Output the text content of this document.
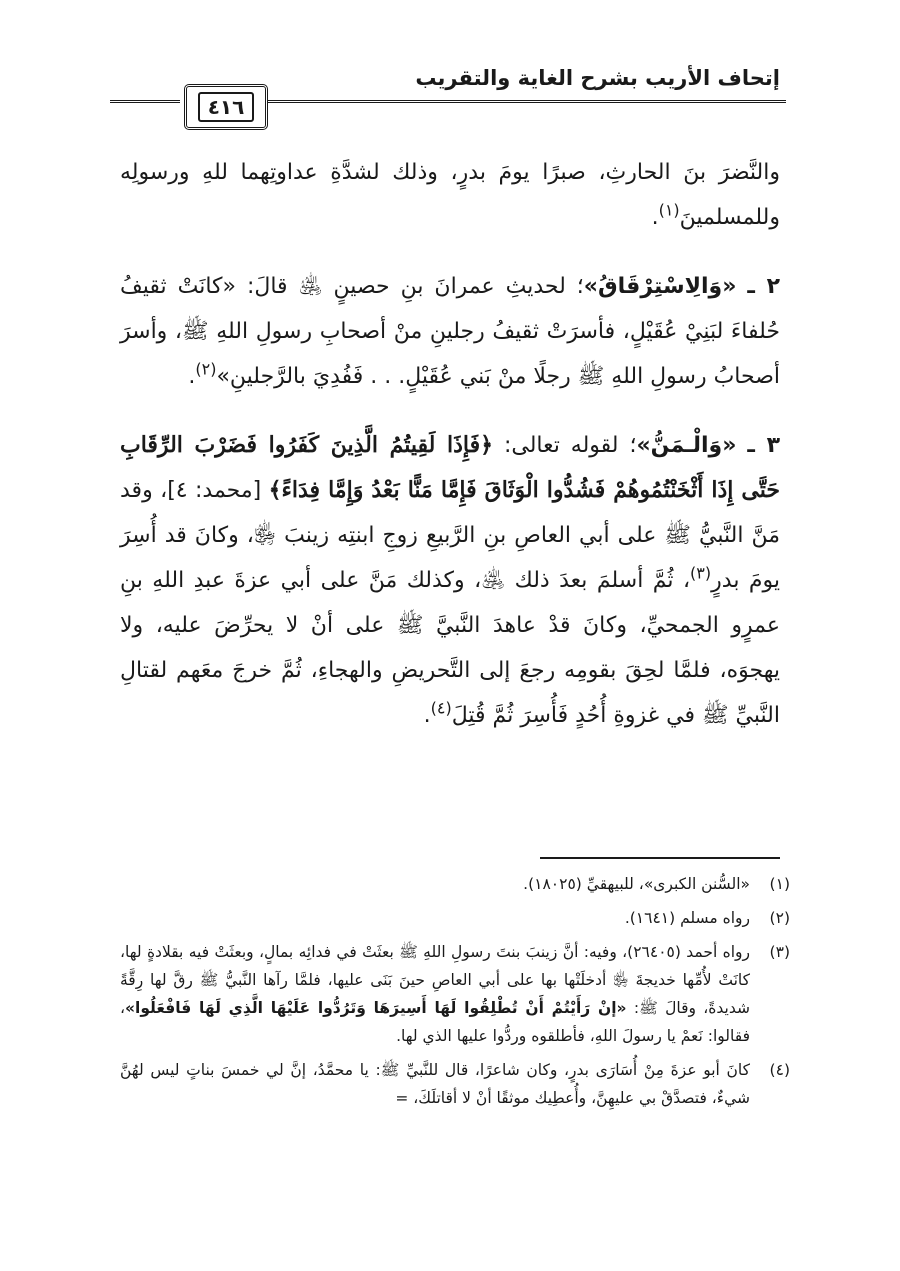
إتحاف الأريب بشرح الغاية والتقريب
٤١٦

والنَّضرَ بنَ الحارثِ، صبرًا يومَ بدرٍ، وذلك لشدَّةِ عداوتِهما للهِ ورسولِه وللمسلمينَ$^{(١)}$.

٢ ـ «وَالِاسْتِرْقَاقُ»؛ لحديثِ عمرانَ بنِ حصينٍ ﵁ قالَ: «كانَتْ ثقيفُ حُلفاءَ لبَنِيْ عُقَيْلٍ، فأسرَتْ ثقيفُ رجلينِ منْ أصحابِ رسولِ اللهِ ﷺ، وأسرَ أصحابُ رسولِ اللهِ ﷺ رجلًا منْ بَني عُقَيْلٍ. . . فَفُدِيَ بالرَّجلينِ»$^{(٢)}$.

٣ ـ «وَالْـمَنُّ»؛ لقوله تعالى: ﴿فَإِذَا لَقِيتُمُ الَّذِينَ كَفَرُوا فَضَرْبَ الرِّقَابِ حَتَّى إِذَا أَثْخَنْتُمُوهُمْ فَشُدُّوا الْوَثَاقَ فَإِمَّا مَنًّا بَعْدُ وَإِمَّا فِدَاءً﴾ [محمد: ٤]، وقد مَنَّ النَّبيُّ ﷺ على أبي العاصِ بنِ الرَّبيعِ زوجِ ابنتِه زينبَ ﵂، وكانَ قد أُسِرَ يومَ بدرٍ$^{(٣)}$، ثُمَّ أسلمَ بعدَ ذلك ﵁، وكذلك مَنَّ على أبي عزةَ عبدِ اللهِ بنِ عمرٍو الجمحيِّ، وكانَ قدْ عاهدَ النَّبيَّ ﷺ على أنْ لا يحرِّضَ عليه، ولا يهجوَه، فلمَّا لحِقَ بقومِه رجعَ إلى التَّحريضِ والهجاءِ، ثُمَّ خرجَ معَهم لقتالِ النَّبيِّ ﷺ في غزوةِ أُحُدٍ فَأُسِرَ ثُمَّ قُتِلَ$^{(٤)}$.

(١)
«السُّنن الكبرى»، للبيهقيِّ (١٨٠٢٥).
(٢)
رواه مسلم (١٦٤١).
(٣)
رواه أحمد (٢٦٤٠٥)، وفيه: أنَّ زينبَ بنتَ رسولِ اللهِ ﷺ بعثَتْ في فدائِه بمالٍ، وبعثَتْ فيه بقلادةٍ لها، كانَتْ لأُمِّها خديجةَ ﵂ أدخلَتْها بها على أبي العاصِ حينَ بَنَى عليها، فلمَّا رآها النَّبيُّ ﷺ رقَّ لها رِقَّةً شديدةً، وقالَ ﷺ: «إنْ رَأَيْتُمْ أَنْ تُطْلِقُوا لَهَا أَسِيرَهَا وَتَرُدُّوا عَلَيْهَا الَّذِي لَهَا فَافْعَلُوا»، فقالوا: نَعمْ يا رسولَ اللهِ، فأطلقوه وردُّوا عليها الذي لها.
(٤)
كانَ أبو عزةَ مِنْ أُسَارَى بدرٍ، وكان شاعرًا، قال للنَّبيِّ ﷺ: يا محمَّدُ، إنَّ لي خمسَ بناتٍ ليس لهُنَّ شيءٌ، فتصدَّقْ بي عليهِنَّ، وأُعطِيك موثقًا أنْ لا أقاتلَكَ، =
